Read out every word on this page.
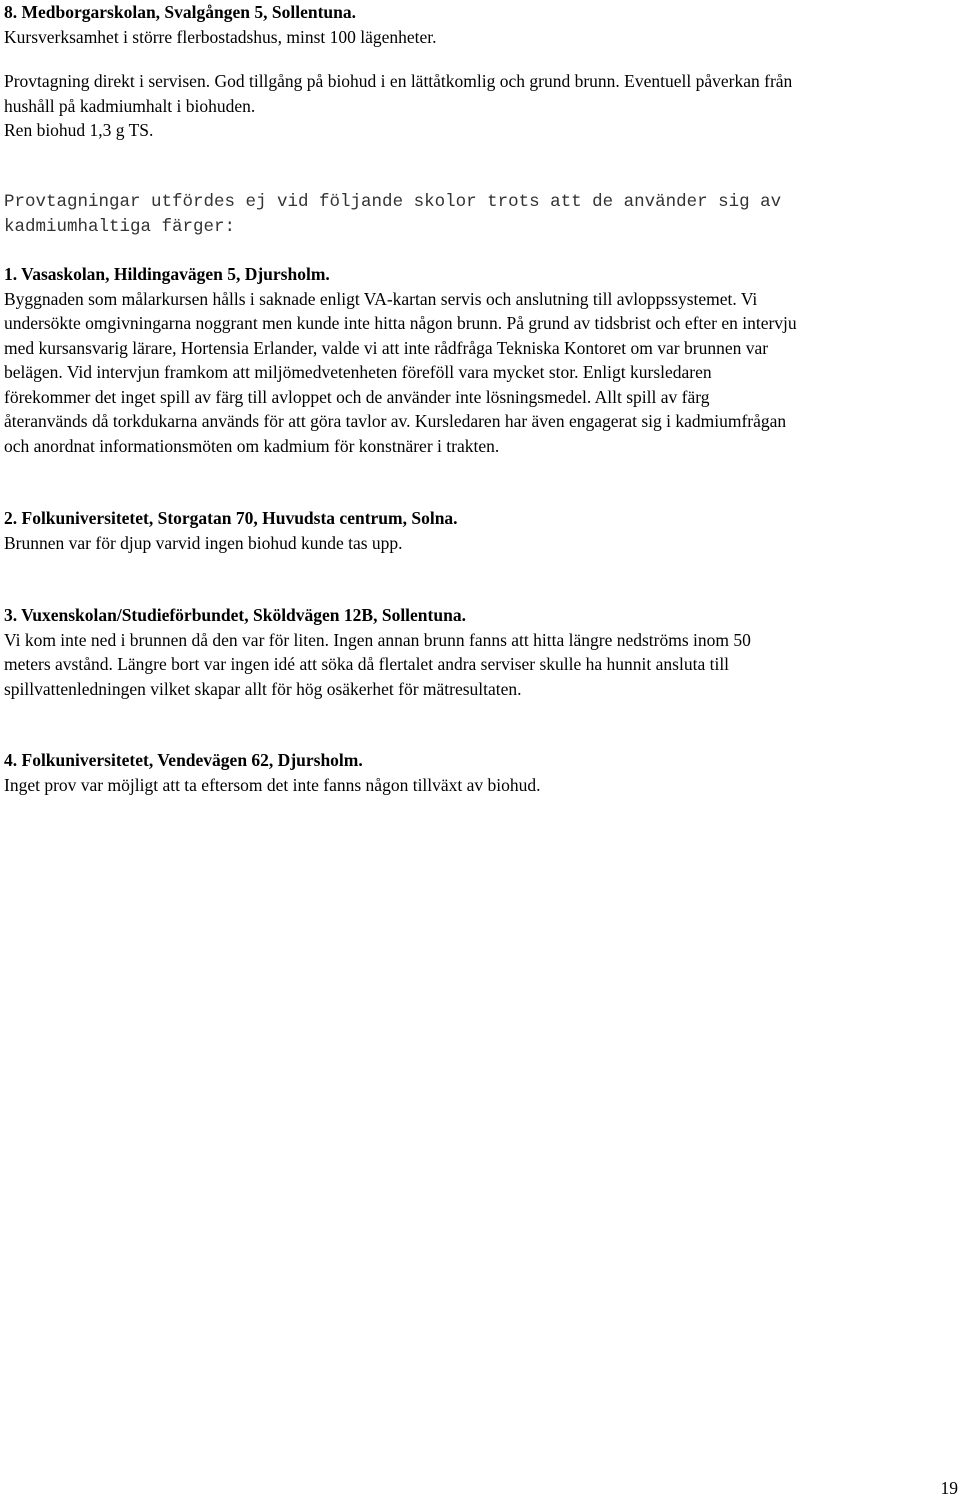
8. Medborgarskolan, Svalgången 5, Sollentuna.

Kursverksamhet i större flerbostadshus, minst 100 lägenheter.

Provtagning direkt i servisen. God tillgång på biohud i en lättåtkomlig och grund brunn. Eventuell påverkan från

hushåll på kadmiumhalt i biohuden.

Ren biohud 1,3 g TS.

Provtagningar utfördes ej vid följande skolor trots att de använder sig av

kadmiumhaltiga färger:

1. Vasaskolan, Hildingavägen 5, Djursholm.

Byggnaden som målarkursen hålls i saknade enligt VA-kartan servis och anslutning till avloppssystemet. Vi

undersökte omgivningarna noggrant men kunde inte hitta någon brunn. På grund av tidsbrist och efter en intervju

med kursansvarig lärare, Hortensia Erlander, valde vi att inte rådfråga Tekniska Kontoret om var brunnen var

belägen. Vid intervjun framkom att miljömedvetenheten föreföll vara mycket stor. Enligt kursledaren

förekommer det inget spill av färg till avloppet och de använder inte lösningsmedel. Allt spill av färg

återanvänds då torkdukarna används för att göra tavlor av. Kursledaren har även engagerat sig i kadmiumfrågan

och anordnat informationsmöten om kadmium för konstnärer i trakten.

2. Folkuniversitetet, Storgatan 70, Huvudsta centrum, Solna.

Brunnen var för djup varvid ingen biohud kunde tas upp.

3. Vuxenskolan/Studieförbundet, Sköldvägen 12B, Sollentuna.

Vi kom inte ned i brunnen då den var för liten. Ingen annan brunn fanns att hitta längre nedströms inom 50

meters avstånd. Längre bort var ingen idé att söka då flertalet andra serviser skulle ha hunnit ansluta till

spillvattenledningen vilket skapar allt för hög osäkerhet för mätresultaten.

4. Folkuniversitetet, Vendevägen 62, Djursholm.

Inget prov var möjligt att ta eftersom det inte fanns någon tillväxt av biohud.

19
